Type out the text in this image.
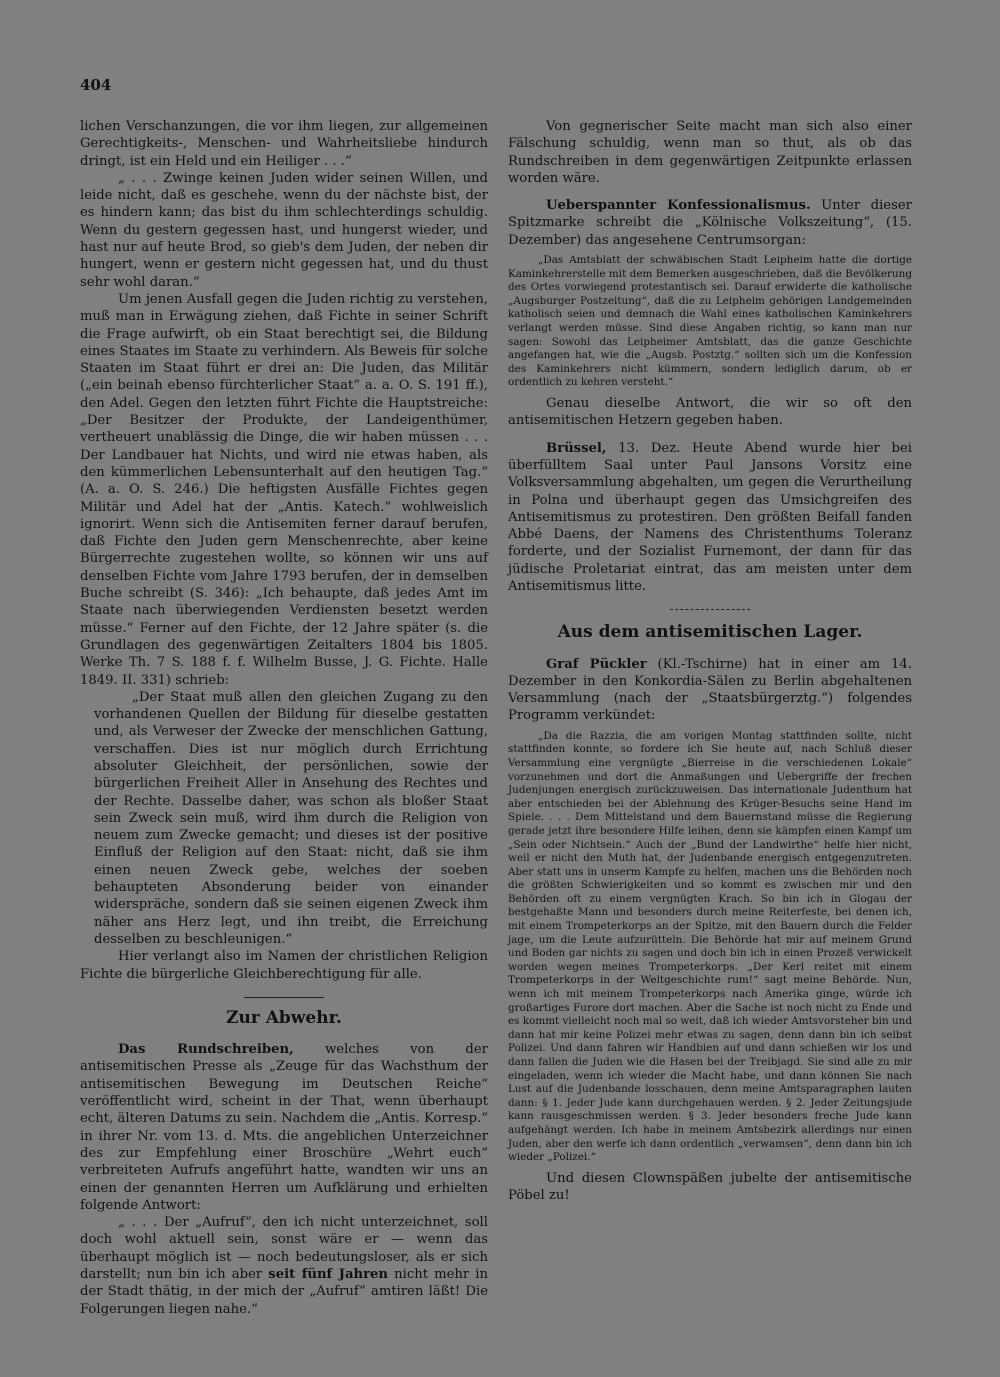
404

lichen Verschanzungen, die vor ihm liegen, zur allgemeinen Gerechtigkeits-, Menschen- und Wahrheitsliebe hindurch dringt, ist ein Held und ein Heiliger . . .“

„ . . . Zwinge keinen Juden wider seinen Willen, und leide nicht, daß es geschehe, wenn du der nächste bist, der es hindern kann; das bist du ihm schlechterdings schuldig. Wenn du gestern gegessen hast, und hungerst wieder, und hast nur auf heute Brod, so gieb's dem Juden, der neben dir hungert, wenn er gestern nicht gegessen hat, und du thust sehr wohl daran.“

Um jenen Ausfall gegen die Juden richtig zu verstehen, muß man in Erwägung ziehen, daß Fichte in seiner Schrift die Frage aufwirft, ob ein Staat berechtigt sei, die Bildung eines Staates im Staate zu verhindern. Als Beweis für solche Staaten im Staat führt er drei an: Die Juden, das Militär („ein beinah ebenso fürchterlicher Staat“ a. a. O. S. 191 ff.), den Adel. Gegen den letzten führt Fichte die Hauptstreiche: „Der Besitzer der Produkte, der Landeigenthümer, vertheuert unablässig die Dinge, die wir haben müssen . . . Der Landbauer hat Nichts, und wird nie etwas haben, als den kümmerlichen Lebensunterhalt auf den heutigen Tag.“ (A. a. O. S. 246.) Die heftigsten Ausfälle Fichtes gegen Militär und Adel hat der „Antis. Katech.“ wohlweislich ignorirt. Wenn sich die Antisemiten ferner darauf berufen, daß Fichte den Juden gern Menschenrechte, aber keine Bürgerrechte zugestehen wollte, so können wir uns auf denselben Fichte vom Jahre 1793 berufen, der in demselben Buche schreibt (S. 346): „Ich behaupte, daß jedes Amt im Staate nach überwiegenden Verdiensten besetzt werden müsse.“ Ferner auf den Fichte, der 12 Jahre später (s. die Grundlagen des gegenwärtigen Zeitalters 1804 bis 1805. Werke Th. 7 S. 188 f. f. Wilhelm Busse, J. G. Fichte. Halle 1849. II. 331) schrieb:

„Der Staat muß allen den gleichen Zugang zu den vorhandenen Quellen der Bildung für dieselbe gestatten und, als Verweser der Zwecke der menschlichen Gattung, verschaffen. Dies ist nur möglich durch Errichtung absoluter Gleichheit, der persönlichen, sowie der bürgerlichen Freiheit Aller in Ansehung des Rechtes und der Rechte. Dasselbe daher, was schon als bloßer Staat sein Zweck sein muß, wird ihm durch die Religion von neuem zum Zwecke gemacht; und dieses ist der positive Einfluß der Religion auf den Staat: nicht, daß sie ihm einen neuen Zweck gebe, welches der soeben behaupteten Absonderung beider von einander widerspräche, sondern daß sie seinen eigenen Zweck ihm näher ans Herz legt, und ihn treibt, die Erreichung desselben zu beschleunigen.“

Hier verlangt also im Namen der christlichen Religion Fichte die bürgerliche Gleichberechtigung für alle.

Zur Abwehr.

Das Rundschreiben, welches von der antisemitischen Presse als „Zeuge für das Wachsthum der antisemitischen Bewegung im Deutschen Reiche“ veröffentlicht wird, scheint in der That, wenn überhaupt echt, älteren Datums zu sein. Nachdem die „Antis. Korresp.“ in ihrer Nr. vom 13. d. Mts. die angeblichen Unterzeichner des zur Empfehlung einer Broschüre „Wehrt euch“ verbreiteten Aufrufs angeführt hatte, wandten wir uns an einen der genannten Herren um Aufklärung und erhielten folgende Antwort:

„ . . . Der „Aufruf“, den ich nicht unterzeichnet, soll doch wohl aktuell sein, sonst wäre er — wenn das überhaupt möglich ist — noch bedeutungsloser, als er sich darstellt; nun bin ich aber seit fünf Jahren nicht mehr in der Stadt thätig, in der mich der „Aufruf“ amtiren läßt! Die Folgerungen liegen nahe.“

Von gegnerischer Seite macht man sich also einer Fälschung schuldig, wenn man so thut, als ob das Rundschreiben in dem gegenwärtigen Zeitpunkte erlassen worden wäre.

Ueberspannter Konfessionalismus. Unter dieser Spitzmarke schreibt die „Kölnische Volkszeitung“, (15. Dezember) das angesehene Centrumsorgan:

„Das Amtsblatt der schwäbischen Stadt Leipheim hatte die dortige Kaminkehrerstelle mit dem Bemerken ausgeschrieben, daß die Bevölkerung des Ortes vorwiegend protestantisch sei. Darauf erwiderte die katholische „Augsburger Postzeitung“, daß die zu Leipheim gehörigen Landgemeinden katholisch seien und demnach die Wahl eines katholischen Kaminkehrers verlangt werden müsse. Sind diese Angaben richtig, so kann man nur sagen: Sowohl das Leipheimer Amtsblatt, das die ganze Geschichte angefangen hat, wie die „Augsb. Postztg.“ sollten sich um die Konfession des Kaminkehrers nicht kümmern, sondern lediglich darum, ob er ordentlich zu kehren versteht.“

Genau dieselbe Antwort, die wir so oft den antisemitischen Hetzern gegeben haben.

Brüssel, 13. Dez. Heute Abend wurde hier bei überfülltem Saal unter Paul Jansons Vorsitz eine Volksversammlung abgehalten, um gegen die Verurtheilung in Polna und überhaupt gegen das Umsichgreifen des Antisemitismus zu protestiren. Den größten Beifall fanden Abbé Daens, der Namens des Christenthums Toleranz forderte, und der Sozialist Furnemont, der dann für das jüdische Proletariat eintrat, das am meisten unter dem Antisemitismus litte.

Aus dem antisemitischen Lager.

Graf Pückler (Kl.-Tschirne) hat in einer am 14. Dezember in den Konkordia-Sälen zu Berlin abgehaltenen Versammlung (nach der „Staatsbürgerztg.“) folgendes Programm verkündet:

„Da die Razzia, die am vorigen Montag stattfinden sollte, nicht stattfinden konnte, so fordere ich Sie heute auf, nach Schluß dieser Versammlung eine vergnügte „Bierreise in die verschiedenen Lokale“ vorzunehmen und dort die Anmaßungen und Uebergriffe der frechen Judenjungen energisch zurückzuweisen. Das internationale Judenthum hat aber entschieden bei der Ablehnung des Krüger-Besuchs seine Hand im Spiele. . . . Dem Mittelstand und dem Bauernstand müsse die Regierung gerade jetzt ihre besondere Hilfe leihen, denn sie kämpfen einen Kampf um „Sein oder Nichtsein.“ Auch der „Bund der Landwirthe“ helfe hier nicht, weil er nicht den Muth hat, der Judenbande energisch entgegenzutreten. Aber statt uns in unserm Kampfe zu helfen, machen uns die Behörden noch die größten Schwierigkeiten und so kommt es zwischen mir und den Behörden oft zu einem vergnügten Krach. So bin ich in Glogau der bestgehaßte Mann und besonders durch meine Reiterfeste, bei denen ich, mit einem Trompeterkorps an der Spitze, mit den Bauern durch die Felder jage, um die Leute aufzurütteln. Die Behörde hat mir auf meinem Grund und Boden gar nichts zu sagen und doch bin ich in einen Prozeß verwickelt worden wegen meines Trompeterkorps. „Der Kerl reitet mit einem Trompeterkorps in der Weltgeschichte rum!“ sagt meine Behörde. Nun, wenn ich mit meinem Trompeterkorps nach Amerika ginge, würde ich großartiges Furore dort machen. Aber die Sache ist noch nicht zu Ende und es kommt vielleicht noch mal so weit, daß ich wieder Amtsvorsteher bin und dann hat mir keine Polizei mehr etwas zu sagen, denn dann bin ich selbst Polizei. Und dann fahren wir Handbien auf und dann schießen wir los und dann fallen die Juden wie die Hasen bei der Treibjagd. Sie sind alle zu mir eingeladen, wenn ich wieder die Macht habe, und dann können Sie nach Lust auf die Judenbande losschauen, denn meine Amtsparagraphen lauten dann: § 1. Jeder Jude kann durchgehauen werden. § 2. Jeder Zeitungsjude kann rausgeschmissen werden. § 3. Jeder besonders freche Jude kann aufgehängt werden. Ich habe in meinem Amtsbezirk allerdings nur einen Juden, aber den werfe ich dann ordentlich „verwamsen“, denn dann bin ich wieder „Polizei.“

Und diesen Clownspäßen jubelte der antisemitische Pöbel zu!
